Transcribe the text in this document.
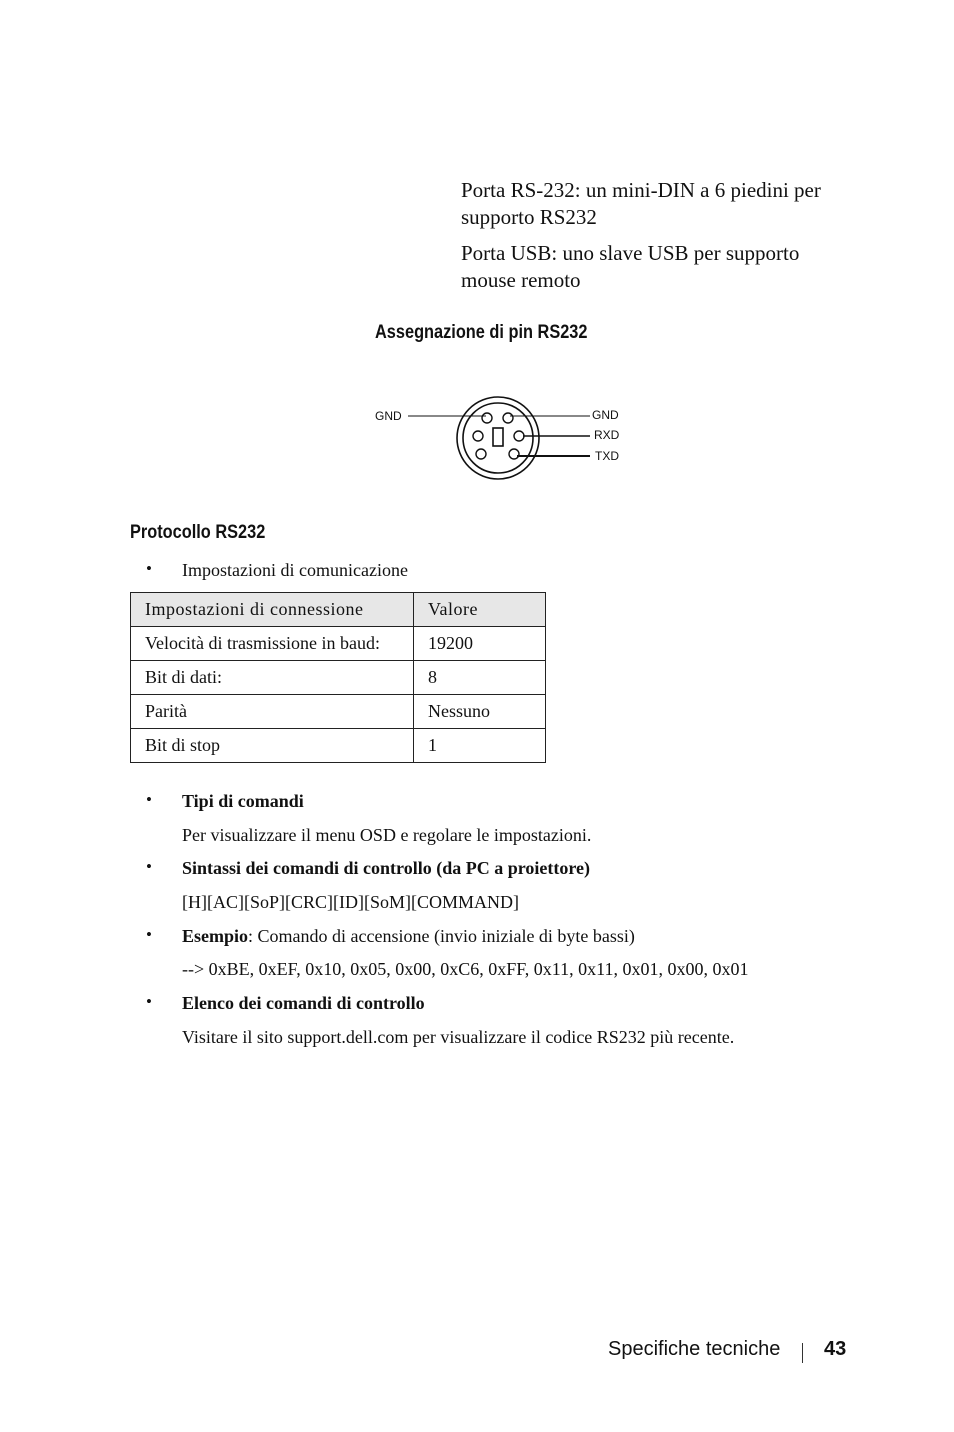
Porta RS-232: un mini-DIN a 6 piedini per supporto RS232

Porta USB: uno slave USB per supporto mouse remoto

Assegnazione di pin RS232
GND	GND
RXD
TXD
Protocollo RS232
• Impostazioni di comunicazione
Impostazioni di connessione	Valore
Velocità di trasmissione in baud:	19200
Bit di dati:	8
Parità	Nessuno
Bit di stop	1
• Tipi di comandi
Per visualizzare il menu OSD e regolare le impostazioni.
• Sintassi dei comandi di controllo (da PC a proiettore)
[H][AC][SoP][CRC][ID][SoM][COMMAND]
• Esempio: Comando di accensione (invio iniziale di byte bassi)
--> 0xBE, 0xEF, 0x10, 0x05, 0x00, 0xC6, 0xFF, 0x11, 0x11, 0x01, 0x00, 0x01
• Elenco dei comandi di controllo
Visitare il sito support.dell.com per visualizzare il codice RS232 più recente.
Specifiche tecniche 43
